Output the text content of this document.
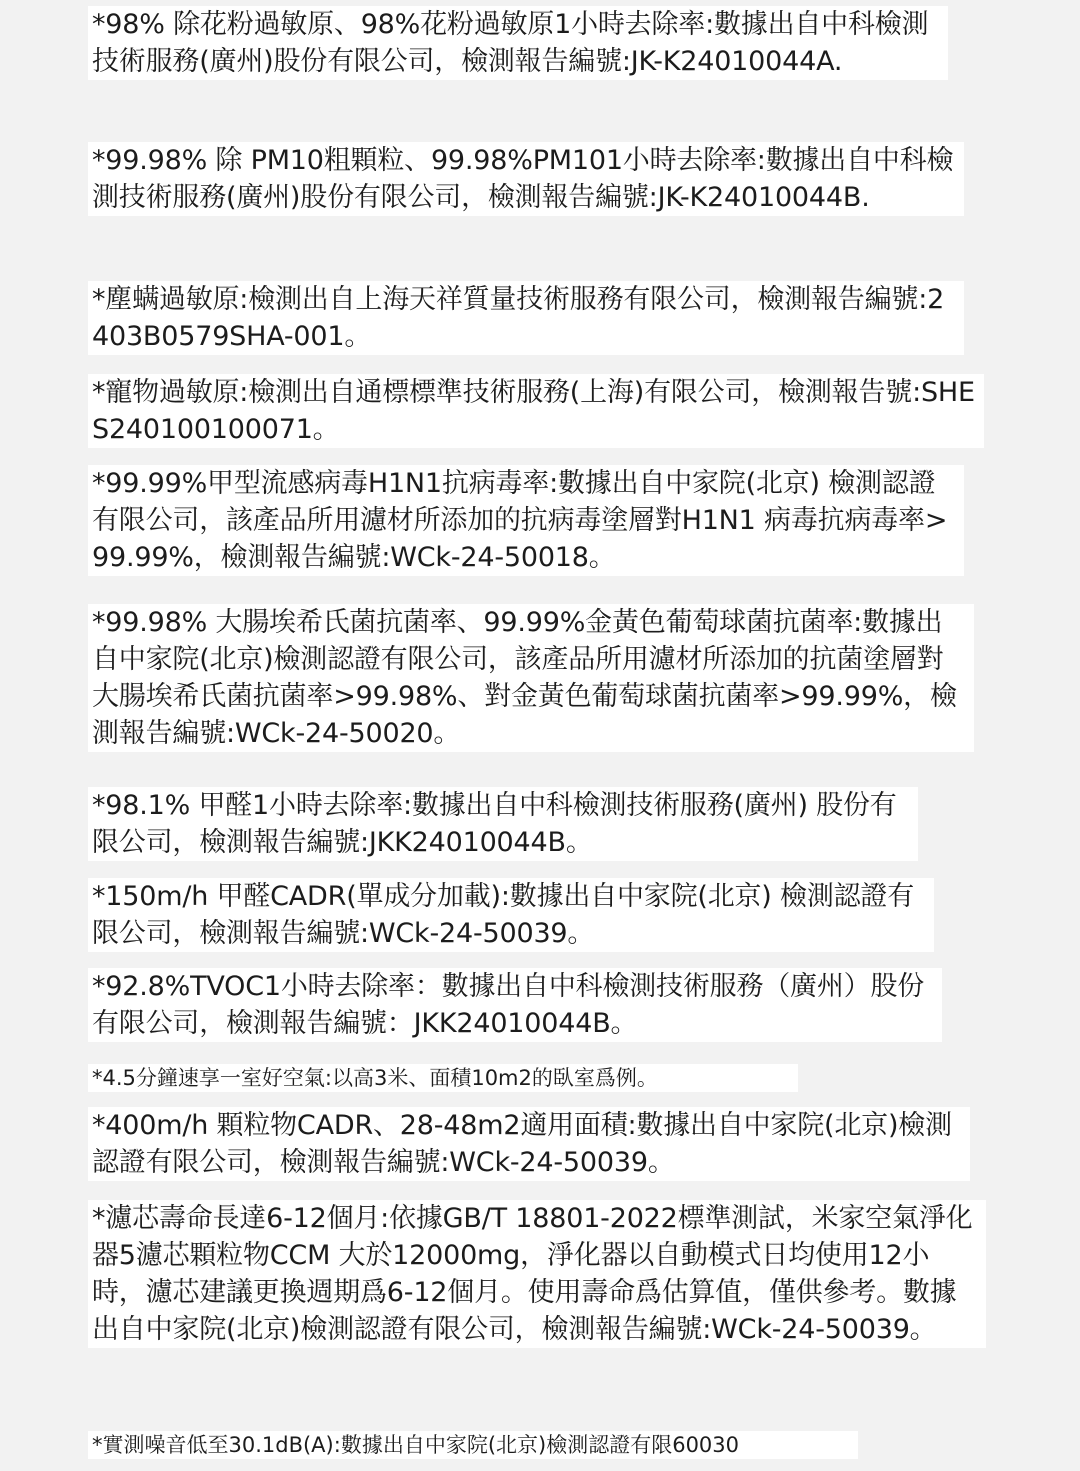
*98% 除花粉過敏原、98%花粉過敏原1小時去除率:數據出自中科檢測技術服務(廣州)股份有限公司，檢測報告編號:JK-K24010044A.

*99.98% 除 PM10粗顆粒、99.98%PM101小時去除率:數據出自中科檢測技術服務(廣州)股份有限公司，檢測報告編號:JK-K24010044B.

*塵螨過敏原:檢測出自上海天祥質量技術服務有限公司，檢測報告編號:2403B0579SHA-001。

*寵物過敏原:檢測出自通標標準技術服務(上海)有限公司，檢測報告號:SHES240100100071。

*99.99%甲型流感病毒H1N1抗病毒率:數據出自中家院(北京) 檢測認證有限公司，該產品所用濾材所添加的抗病毒塗層對H1N1 病毒抗病毒率>99.99%，檢測報告編號:WCk-24-50018。

*99.98% 大腸埃希氏菌抗菌率、99.99%金黃色葡萄球菌抗菌率:數據出自中家院(北京)檢測認證有限公司，該產品所用濾材所添加的抗菌塗層對大腸埃希氏菌抗菌率>99.98%、對金黃色葡萄球菌抗菌率>99.99%，檢測報告編號:WCk-24-50020。

*98.1% 甲醛1小時去除率:數據出自中科檢測技術服務(廣州) 股份有限公司，檢測報告編號:JKK24010044B。

*150m/h 甲醛CADR(單成分加載):數據出自中家院(北京) 檢測認證有限公司，檢測報告編號:WCk-24-50039。

*92.8%TVOC1小時去除率：數據出自中科檢測技術服務（廣州）股份有限公司，檢測報告編號：JKK24010044B。

*4.5分鐘速享一室好空氣:以高3米、面積10m2的臥室爲例。

*400m/h 顆粒物CADR、28-48m2適用面積:數據出自中家院(北京)檢測認證有限公司，檢測報告編號:WCk-24-50039。

*濾芯壽命長達6-12個月:依據GB/T 18801-2022標準測試，米家空氣淨化器5濾芯顆粒物CCM 大於12000mg，淨化器以自動模式日均使用12小時，濾芯建議更換週期爲6-12個月。使用壽命爲估算值，僅供參考。數據出自中家院(北京)檢測認證有限公司，檢測報告編號:WCk-24-50039。

*實測噪音低至30.1dB(A):數據出自中家院(北京)檢測認證有限60030
